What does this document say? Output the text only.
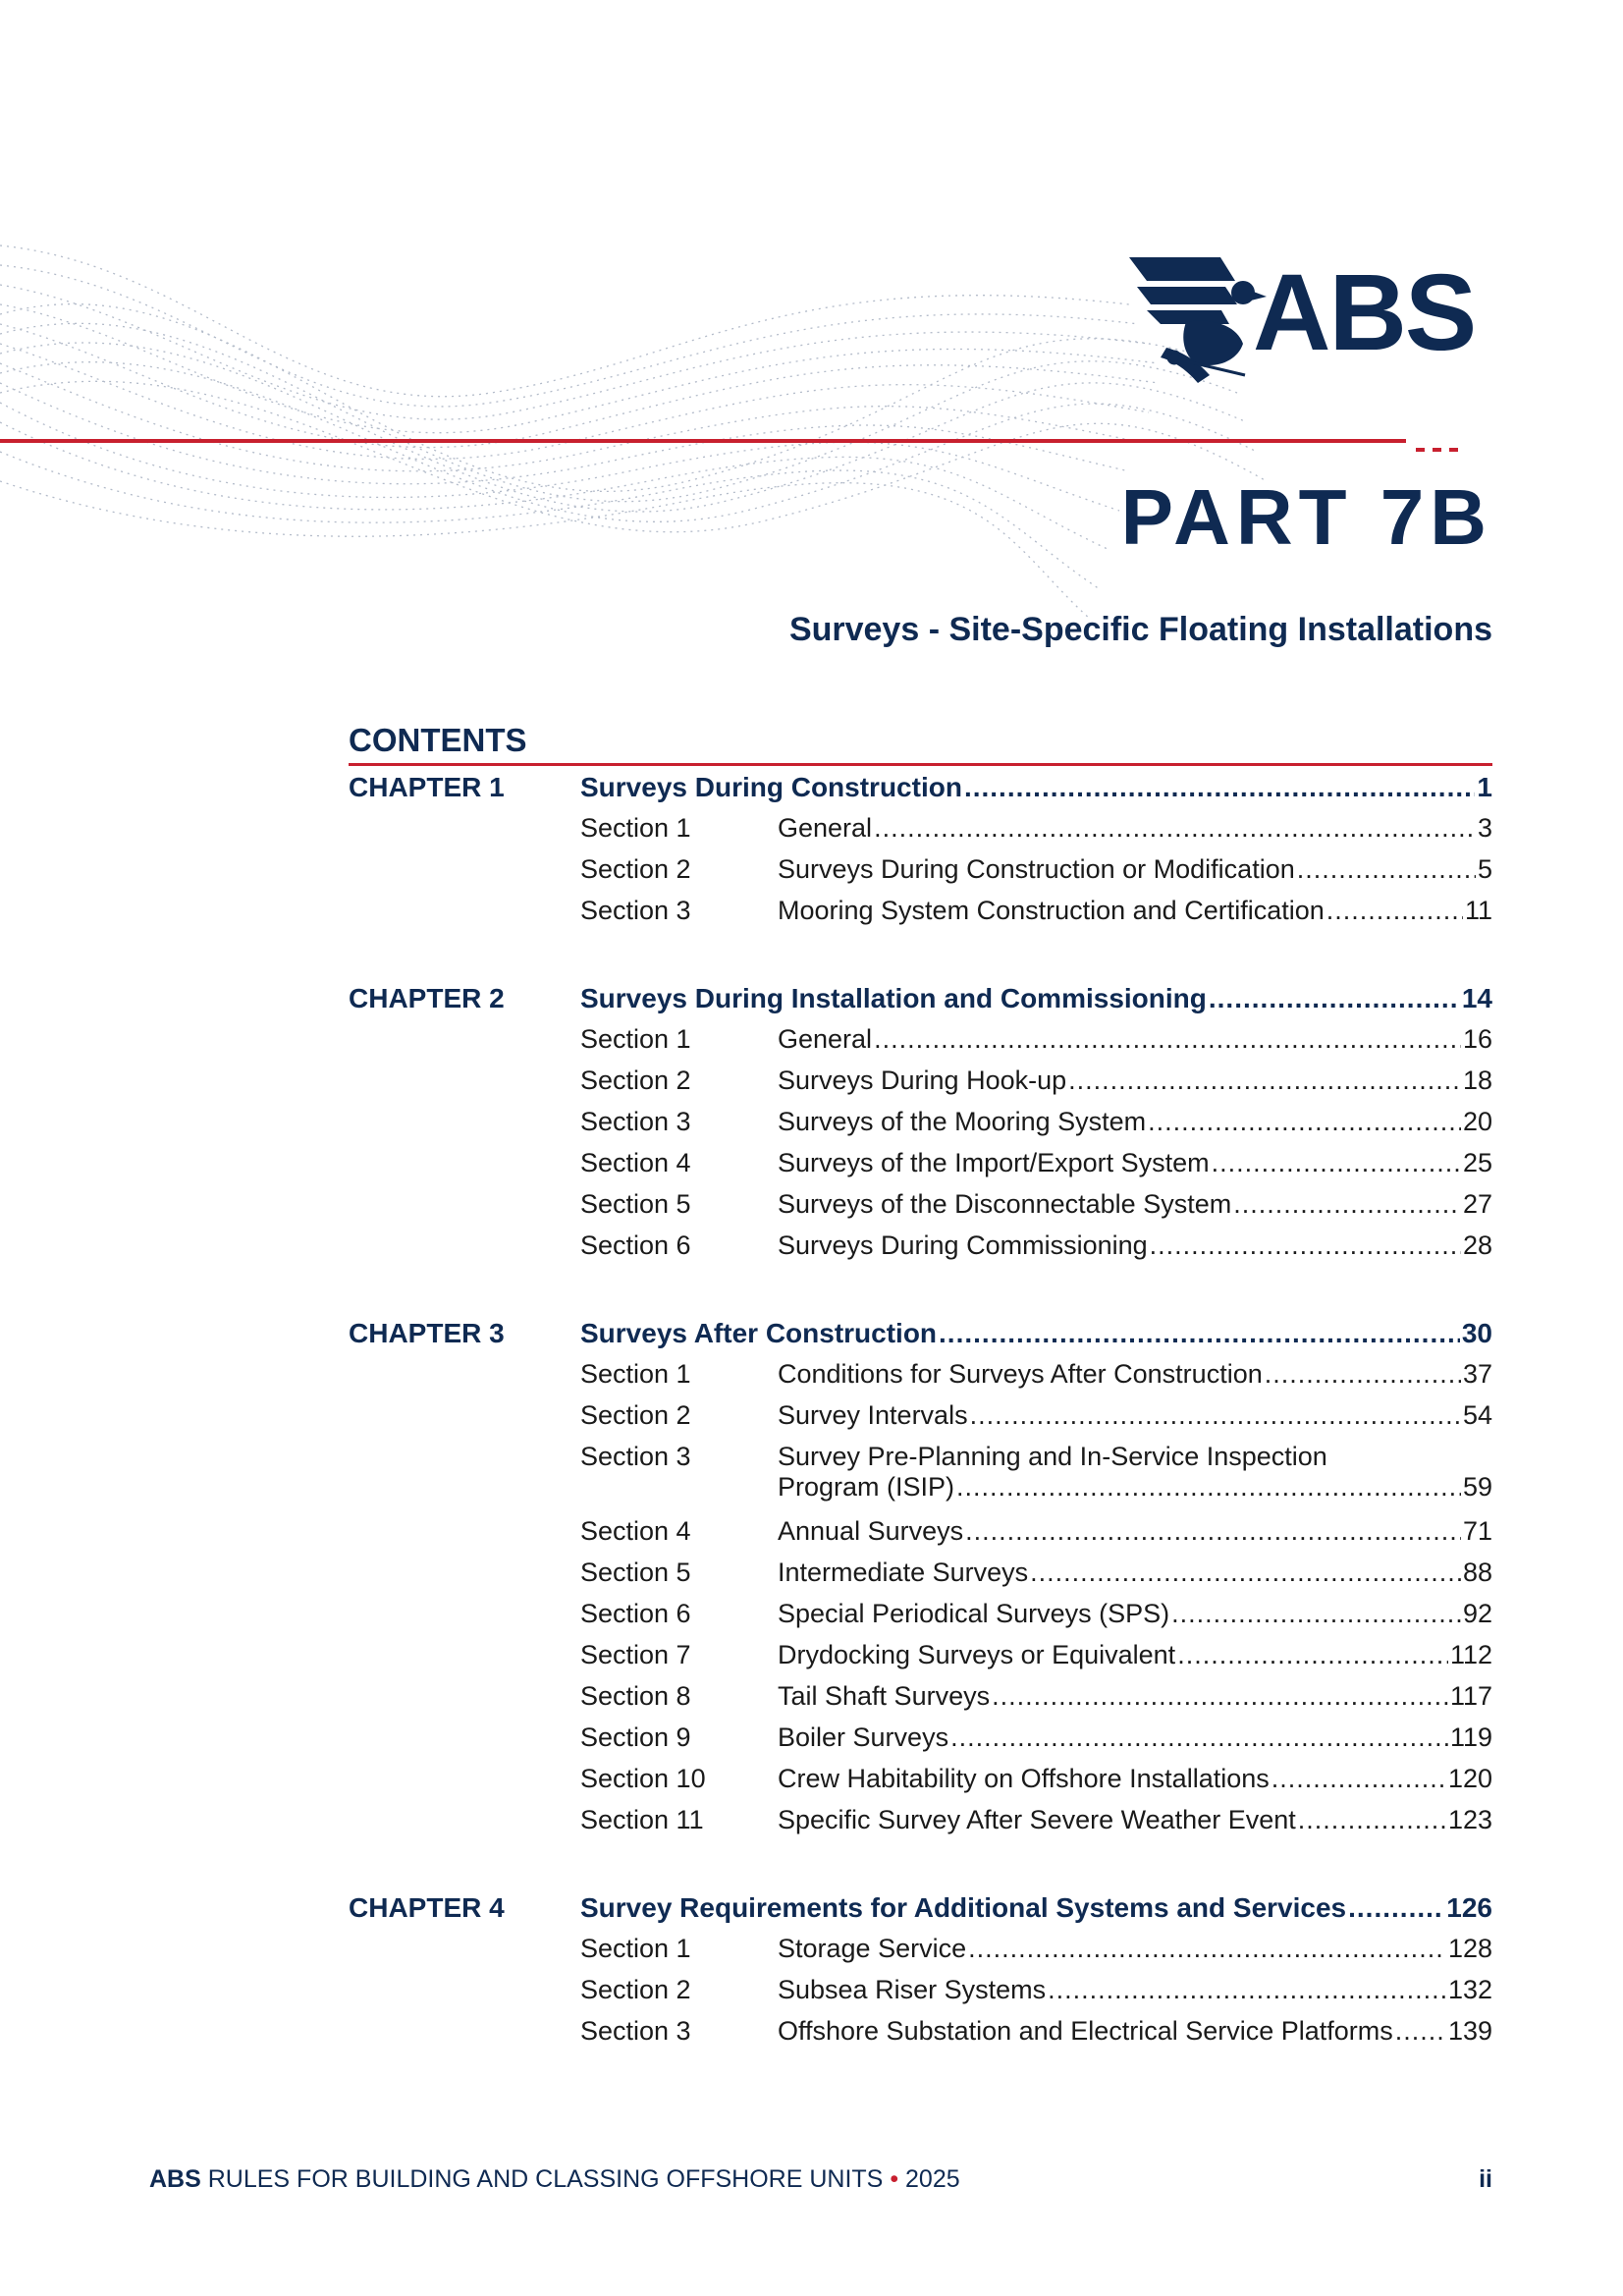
ABS
PART 7B
Surveys - Site-Specific Floating Installations
CONTENTS
CHAPTER 1	Surveys During Construction .....	1
Section 1	General .....	3
Section 2	Surveys During Construction or Modification .....	5
Section 3	Mooring System Construction and Certification .....	11
CHAPTER 2	Surveys During Installation and Commissioning .....	14
Section 1	General .....	16
Section 2	Surveys During Hook-up .....	18
Section 3	Surveys of the Mooring System .....	20
Section 4	Surveys of the Import/Export System .....	25
Section 5	Surveys of the Disconnectable System .....	27
Section 6	Surveys During Commissioning .....	28
CHAPTER 3	Surveys After Construction .....	30
Section 1	Conditions for Surveys After Construction .....	37
Section 2	Survey Intervals .....	54
Section 3	Survey Pre-Planning and In-Service Inspection
Program (ISIP) .....	59
Section 4	Annual Surveys .....	71
Section 5	Intermediate Surveys .....	88
Section 6	Special Periodical Surveys (SPS) .....	92
Section 7	Drydocking Surveys or Equivalent .....	112
Section 8	Tail Shaft Surveys .....	117
Section 9	Boiler Surveys .....	119
Section 10	Crew Habitability on Offshore Installations .....	120
Section 11	Specific Survey After Severe Weather Event .....	123
CHAPTER 4	Survey Requirements for Additional Systems and Services .....	126
Section 1	Storage Service .....	128
Section 2	Subsea Riser Systems .....	132
Section 3	Offshore Substation and Electrical Service Platforms ..... 139
ABS RULES FOR BUILDING AND CLASSING OFFSHORE UNITS • 2025	ii
